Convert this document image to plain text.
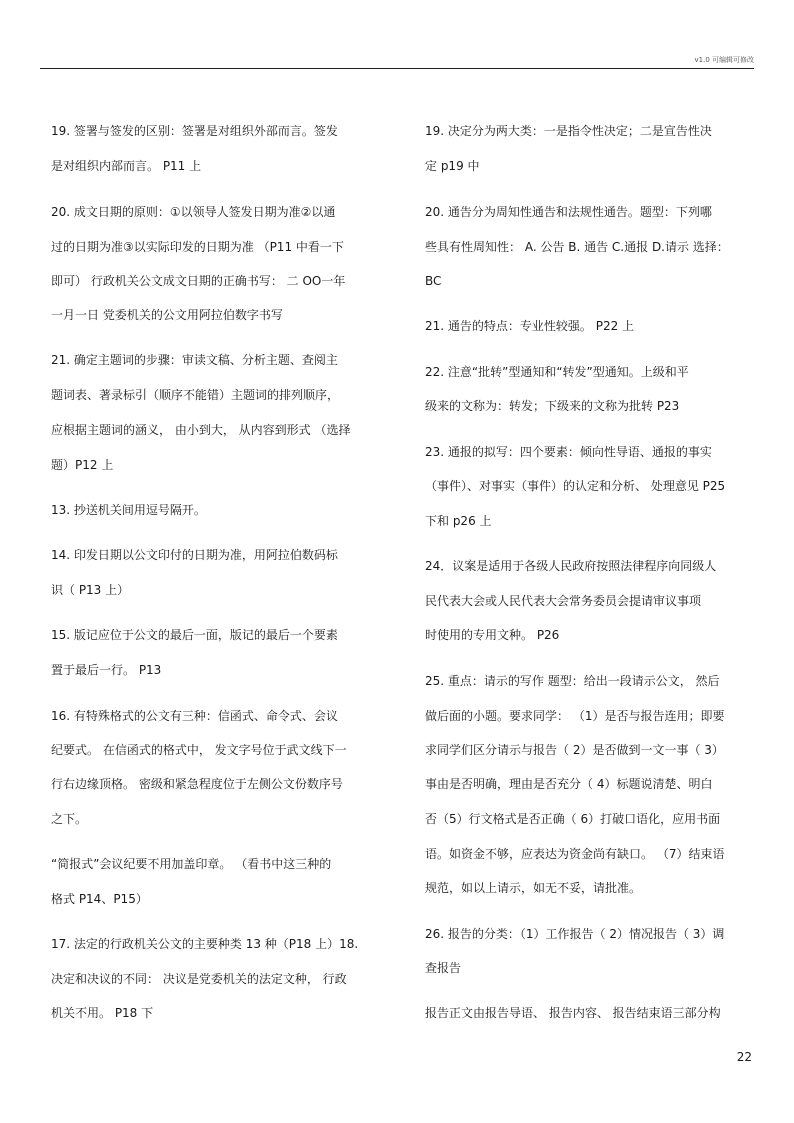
v1.0 可编辑可修改
19. 签署与签发的区别：签署是对组织外部而言。签发
是对组织内部而言。 P11 上
20. 成文日期的原则：①以领导人签发日期为准②以通
过的日期为准③以实际印发的日期为准 （P11 中看一下
即可） 行政机关公文成文日期的正确书写： 二 OO一年
一月一日 党委机关的公文用阿拉伯数字书写
21. 确定主题词的步骤：审读文稿、分析主题、查阅主
题词表、著录标引（顺序不能错）主题词的排列顺序，
应根据主题词的涵义， 由小到大， 从内容到形式 （选择
题）P12 上
13. 抄送机关间用逗号隔开。
14. 印发日期以公文印付的日期为准，用阿拉伯数码标
识（ P13 上）
15. 版记应位于公文的最后一面，版记的最后一个要素
置于最后一行。 P13
16. 有特殊格式的公文有三种：信函式、命令式、会议
纪要式。 在信函式的格式中， 发文字号位于武文线下一
行右边缘顶格。 密级和紧急程度位于左侧公文份数序号
之下。
“简报式”会议纪要不用加盖印章。 （看书中这三种的
格式 P14、P15）
17. 法定的行政机关公文的主要种类 13 种（P18 上）18.
决定和决议的不同： 决议是党委机关的法定文种， 行政
机关不用。 P18 下
19. 决定分为两大类：一是指令性决定；二是宣告性决
定 p19 中
20. 通告分为周知性通告和法规性通告。题型：下列哪
些具有性周知性： A. 公告 B. 通告 C.通报 D.请示 选择：
BC
21. 通告的特点：专业性较强。 P22 上
22. 注意“批转”型通知和“转发”型通知。上级和平
级来的文称为：转发；下级来的文称为批转 P23
23. 通报的拟写：四个要素：倾向性导语、通报的事实
（事件）、对事实（事件）的认定和分析、 处理意见 P25
下和 p26 上
24．议案是适用于各级人民政府按照法律程序向同级人
民代表大会或人民代表大会常务委员会提请审议事项
时使用的专用文种。 P26
25. 重点：请示的写作 题型：给出一段请示公文， 然后
做后面的小题。要求同学： （1）是否与报告连用；即要
求同学们区分请示与报告（ 2）是否做到一文一事（ 3）
事由是否明确，理由是否充分（ 4）标题说清楚、明白
否（5）行文格式是否正确（ 6）打破口语化，应用书面
语。如资金不够，应表达为资金尚有缺口。 （7）结束语
规范，如以上请示，如无不妥，请批准。
26. 报告的分类：（1）工作报告（ 2）情况报告（ 3）调
查报告
报告正文由报告导语、 报告内容、 报告结束语三部分构
22
